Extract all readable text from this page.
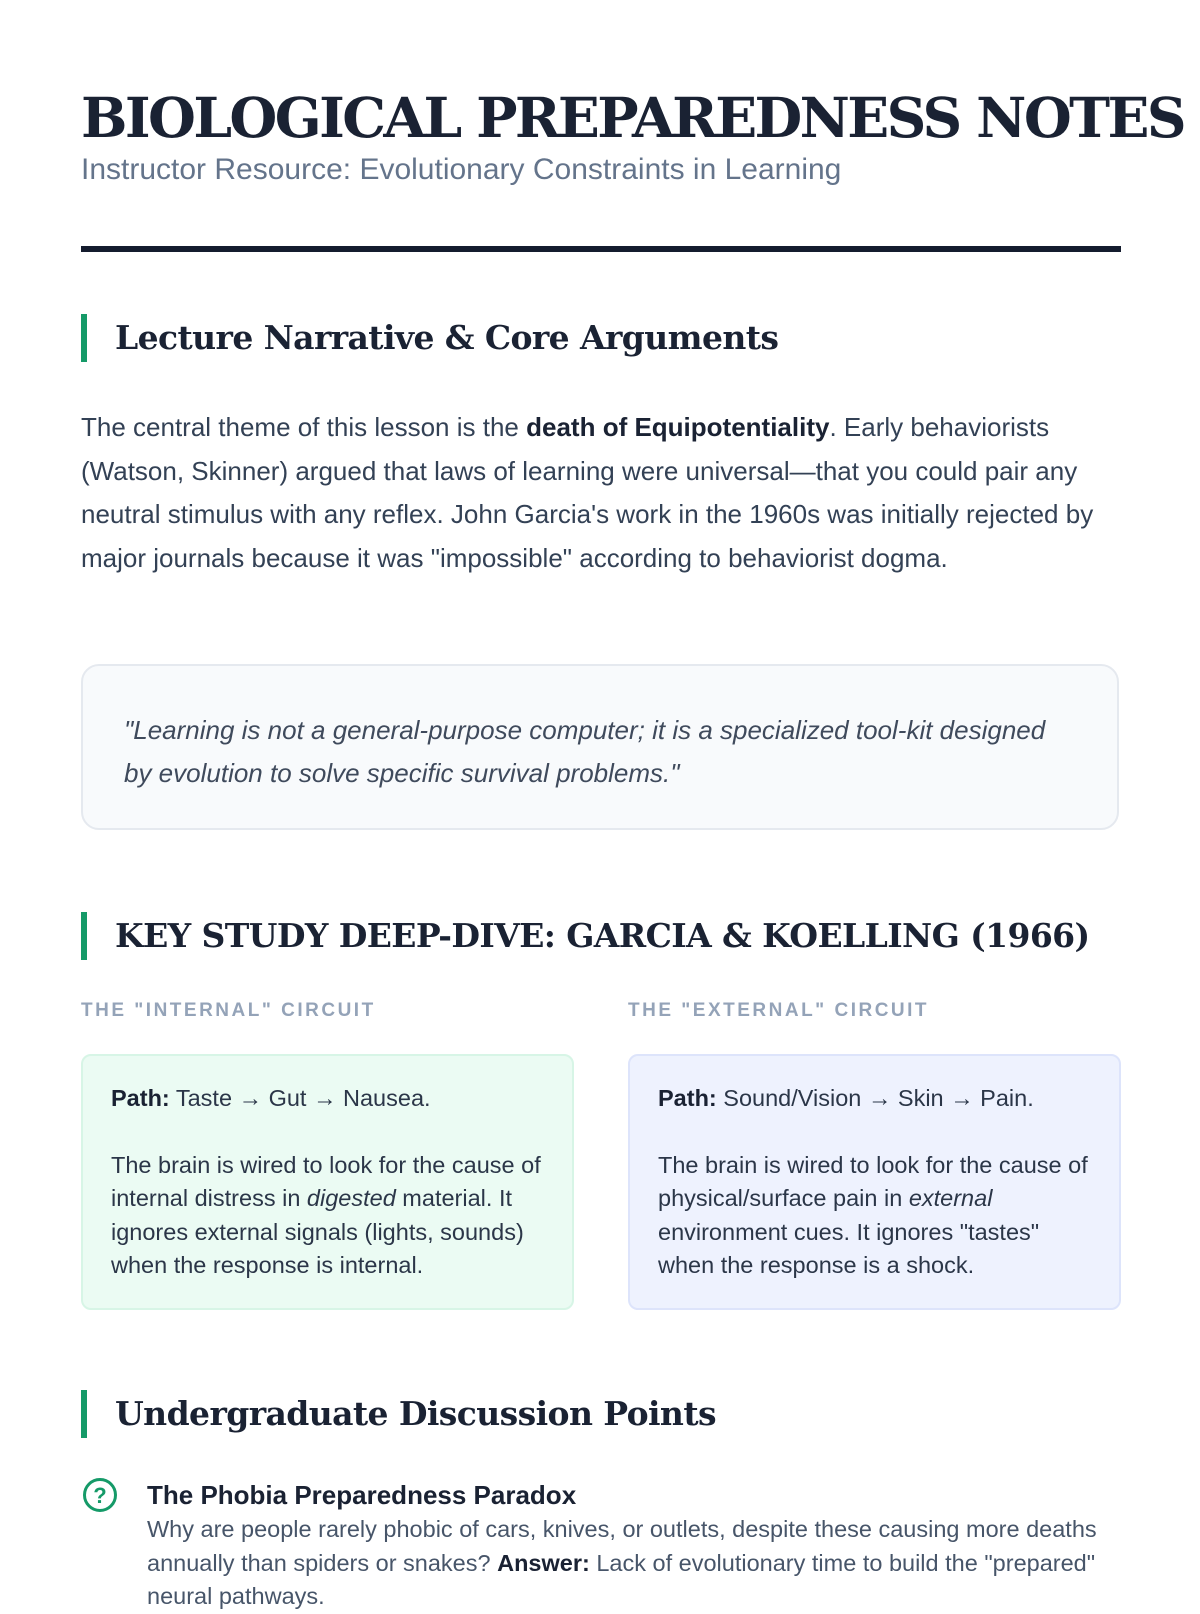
BIOLOGICAL PREPAREDNESS NOTES
Instructor Resource: Evolutionary Constraints in Learning
Lecture Narrative & Core Arguments

The central theme of this lesson is the death of Equipotentiality. Early behaviorists (Watson, Skinner) argued that laws of learning were universal—that you could pair any neutral stimulus with any reflex. John Garcia's work in the 1960s was initially rejected by major journals because it was "impossible" according to behaviorist dogma.

"Learning is not a general-purpose computer; it is a specialized tool-kit designed by evolution to solve specific survival problems."
KEY STUDY DEEP-DIVE: GARCIA & KOELLING (1966)
THE "INTERNAL" CIRCUIT	THE "EXTERNAL" CIRCUIT
Path: Taste → Gut → Nausea.
The brain is wired to look for the cause of internal distress in digested material. It ignores external signals (lights, sounds) when the response is internal.
Path: Sound/Vision → Skin → Pain.
The brain is wired to look for the cause of physical/surface pain in external environment cues. It ignores "tastes" when the response is a shock.
Undergraduate Discussion Points
?	The Phobia Preparedness Paradox
Why are people rarely phobic of cars, knives, or outlets, despite these causing more deaths annually than spiders or snakes? Answer: Lack of evolutionary time to build the "prepared" neural pathways.
